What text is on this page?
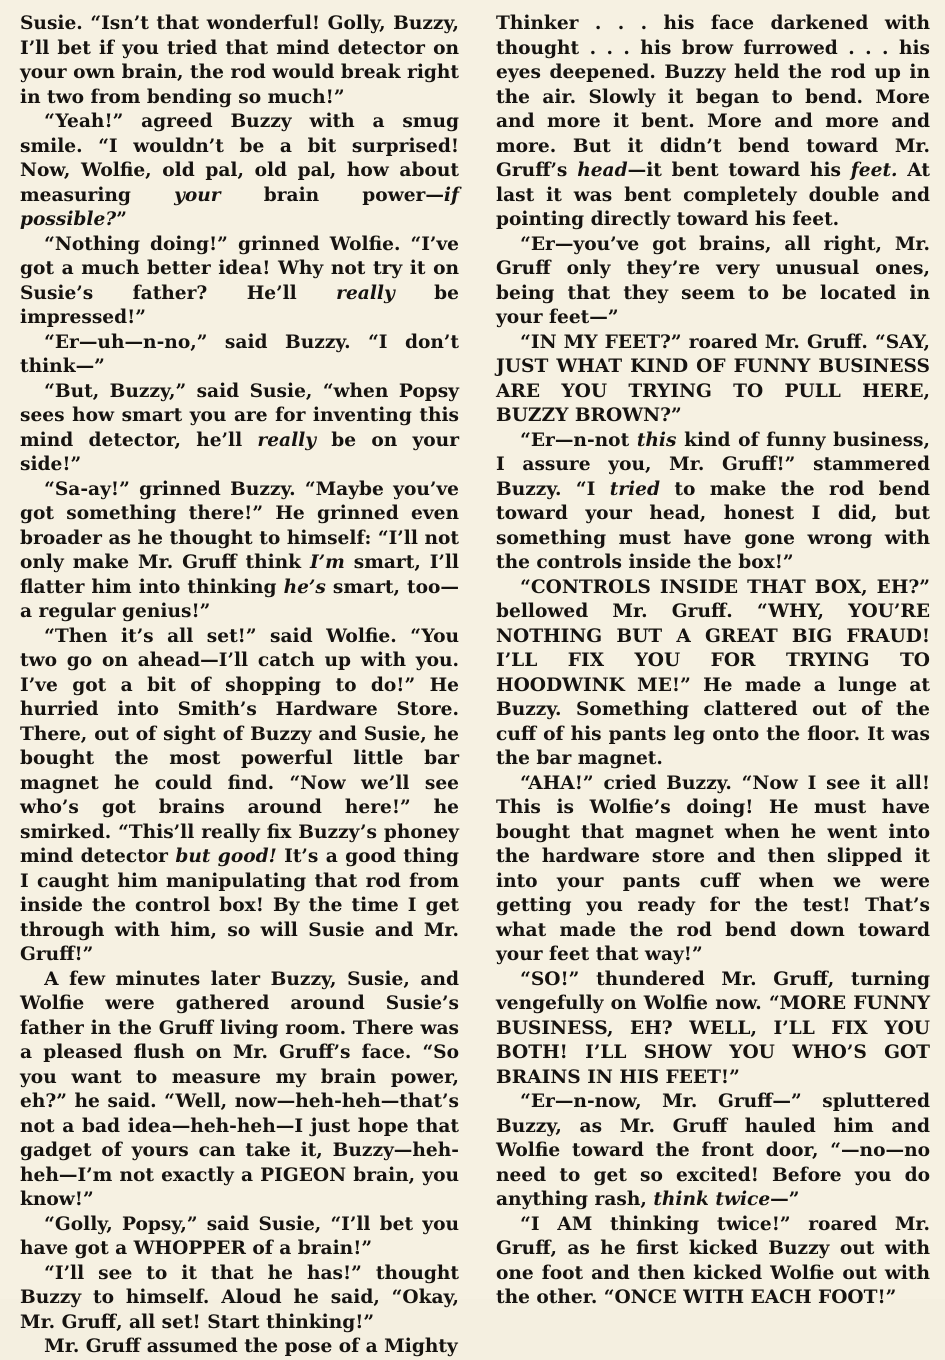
Susie. “Isn’t that wonderful! Golly, Buzzy, I’ll bet if you tried that mind detector on your own brain, the rod would break right in two from bending so much!”

“Yeah!” agreed Buzzy with a smug smile. “I wouldn’t be a bit surprised! Now, Wolfie, old pal, old pal, how about measuring your brain power—if possible?”

“Nothing doing!” grinned Wolfie. “I’ve got a much better idea! Why not try it on Susie’s father? He’ll really be impressed!”

“Er—uh—n-no,” said Buzzy. “I don’t think—”

“But, Buzzy,” said Susie, “when Popsy sees how smart you are for inventing this mind detector, he’ll really be on your side!”

“Sa-ay!” grinned Buzzy. “Maybe you’ve got something there!” He grinned even broader as he thought to himself: “I’ll not only make Mr. Gruff think I’m smart, I’ll flatter him into thinking he’s smart, too—a regular genius!”

“Then it’s all set!” said Wolfie. “You two go on ahead—I’ll catch up with you. I’ve got a bit of shopping to do!” He hurried into Smith’s Hardware Store. There, out of sight of Buzzy and Susie, he bought the most powerful little bar magnet he could find. “Now we’ll see who’s got brains around here!” he smirked. “This’ll really fix Buzzy’s phoney mind detector but good! It’s a good thing I caught him manipulating that rod from inside the control box! By the time I get through with him, so will Susie and Mr. Gruff!”

A few minutes later Buzzy, Susie, and Wolfie were gathered around Susie’s father in the Gruff living room. There was a pleased flush on Mr. Gruff’s face. “So you want to measure my brain power, eh?” he said. “Well, now—heh-heh—that’s not a bad idea—heh-heh—I just hope that gadget of yours can take it, Buzzy—heh-heh—I’m not exactly a PIGEON brain, you know!”

“Golly, Popsy,” said Susie, “I’ll bet you have got a WHOPPER of a brain!”

“I’ll see to it that he has!” thought Buzzy to himself. Aloud he said, “Okay, Mr. Gruff, all set! Start thinking!”

Mr. Gruff assumed the pose of a Mighty

Thinker . . . his face darkened with thought . . . his brow furrowed . . . his eyes deepened. Buzzy held the rod up in the air. Slowly it began to bend. More and more it bent. More and more and more. But it didn’t bend toward Mr. Gruff’s head—it bent toward his feet. At last it was bent completely double and pointing directly toward his feet.

“Er—you’ve got brains, all right, Mr. Gruff only they’re very unusual ones, being that they seem to be located in your feet—”

“IN MY FEET?” roared Mr. Gruff. “SAY, JUST WHAT KIND OF FUNNY BUSINESS ARE YOU TRYING TO PULL HERE, BUZZY BROWN?”

“Er—n-not this kind of funny business, I assure you, Mr. Gruff!” stammered Buzzy. “I tried to make the rod bend toward your head, honest I did, but something must have gone wrong with the controls inside the box!”

“CONTROLS INSIDE THAT BOX, EH?” bellowed Mr. Gruff. “WHY, YOU’RE NOTHING BUT A GREAT BIG FRAUD! I’LL FIX YOU FOR TRYING TO HOODWINK ME!” He made a lunge at Buzzy. Something clattered out of the cuff of his pants leg onto the floor. It was the bar magnet.

“AHA!” cried Buzzy. “Now I see it all! This is Wolfie’s doing! He must have bought that magnet when he went into the hardware store and then slipped it into your pants cuff when we were getting you ready for the test! That’s what made the rod bend down toward your feet that way!”

“SO!” thundered Mr. Gruff, turning vengefully on Wolfie now. “MORE FUNNY BUSINESS, EH? WELL, I’LL FIX YOU BOTH! I’LL SHOW YOU WHO’S GOT BRAINS IN HIS FEET!”

“Er—n-now, Mr. Gruff—” spluttered Buzzy, as Mr. Gruff hauled him and Wolfie toward the front door, “—no—no need to get so excited! Before you do anything rash, think twice—”

“I AM thinking twice!” roared Mr. Gruff, as he first kicked Buzzy out with one foot and then kicked Wolfie out with the other. “ONCE WITH EACH FOOT!”
